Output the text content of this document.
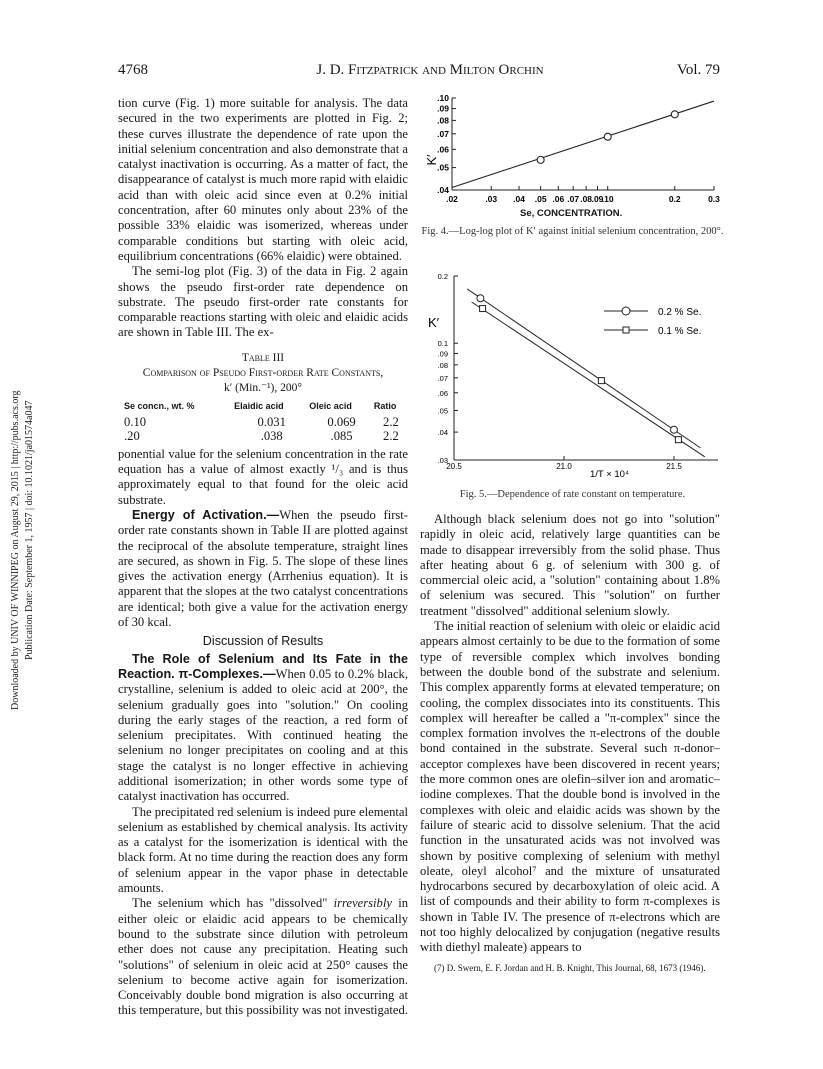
4768	J. D. Fitzpatrick and Milton Orchin	Vol. 79
Downloaded by UNIV OF WINNIPEG on August 29, 2015 | http://pubs.acs.org Publication Date: September 1, 1957 | doi: 10.1021/ja01574a047

tion curve (Fig. 1) more suitable for analysis. The data secured in the two experiments are plotted in Fig. 2; these curves illustrate the dependence of rate upon the initial selenium concentration and also demonstrate that a catalyst inactivation is occurring. As a matter of fact, the disappearance of catalyst is much more rapid with elaidic acid than with oleic acid since even at 0.2% initial concentration, after 60 minutes only about 23% of the possible 33% elaidic was isomerized, whereas under comparable conditions but starting with oleic acid, equilibrium concentrations (66% elaidic) were obtained.

The semi-log plot (Fig. 3) of the data in Fig. 2 again shows the pseudo first-order rate dependence on substrate. The pseudo first-order rate constants for comparable reactions starting with oleic and elaidic acids are shown in Table III. The ex-

Table III
Comparison of Pseudo First-order Rate Constants,
k′ (Min.⁻¹), 200°
Se concn., wt. %	Elaidic acid	Oleic acid	Ratio
0.10	0.031	0.069	2.2
.20	.038	.085	2.2

ponential value for the selenium concentration in the rate equation has a value of almost exactly ¹/₃ and is thus approximately equal to that found for the oleic acid substrate.

Energy of Activation.—When the pseudo first-order rate constants shown in Table II are plotted against the reciprocal of the absolute temperature, straight lines are secured, as shown in Fig. 5. The slope of these lines gives the activation energy (Arrhenius equation). It is apparent that the slopes at the two catalyst concentrations are identical; both give a value for the activation energy of 30 kcal.

Discussion of Results

The Role of Selenium and Its Fate in the Reaction. π-Complexes.—When 0.05 to 0.2% black, crystalline, selenium is added to oleic acid at 200°, the selenium gradually goes into "solution." On cooling during the early stages of the reaction, a red form of selenium precipitates. With continued heating the selenium no longer precipitates on cooling and at this stage the catalyst is no longer effective in achieving additional isomerization; in other words some type of catalyst inactivation has occurred.

The precipitated red selenium is indeed pure elemental selenium as established by chemical analysis. Its activity as a catalyst for the isomerization is identical with the black form. At no time during the reaction does any form of selenium appear in the vapor phase in detectable amounts.

The selenium which has "dissolved" irreversibly in either oleic or elaidic acid appears to be chemically bound to the substrate since dilution with petroleum ether does not cause any precipitation. Heating such "solutions" of selenium in oleic acid at 250° causes the selenium to become active again for isomerization. Conceivably double bond migration is also occurring at this temperature, but this possibility was not investigated.

.02	.03 .04 .05 .06 .07 .08 .09
.10	0.2	0.3
.04
.05
.06
.07
.08
.09
.10
K′
Se, CONCENTRATION.
Fig. 4.—Log-log plot of K′ against initial selenium concentration, 200°.
20.5	21.0	21.5
.03
.04
.05
.06
.07
.08
.09
0.1
0.2
K′
1/T × 10⁴
0.2 % Se.
0.1 % Se.
Fig. 5.—Dependence of rate constant on temperature.

Although black selenium does not go into "solution" rapidly in oleic acid, relatively large quantities can be made to disappear irreversibly from the solid phase. Thus after heating about 6 g. of selenium with 300 g. of commercial oleic acid, a "solution" containing about 1.8% of selenium was secured. This "solution" on further treatment "dissolved" additional selenium slowly.

The initial reaction of selenium with oleic or elaidic acid appears almost certainly to be due to the formation of some type of reversible complex which involves bonding between the double bond of the substrate and selenium. This complex apparently forms at elevated temperature; on cooling, the complex dissociates into its constituents. This complex will hereafter be called a "π-complex" since the complex formation involves the π-electrons of the double bond contained in the substrate. Several such π-donor–acceptor complexes have been discovered in recent years; the more common ones are olefin–silver ion and aromatic–iodine complexes. That the double bond is involved in the complexes with oleic and elaidic acids was shown by the failure of stearic acid to dissolve selenium. That the acid function in the unsaturated acids was not involved was shown by positive complexing of selenium with methyl oleate, oleyl alcohol⁷ and the mixture of unsaturated hydrocarbons secured by decarboxylation of oleic acid. A list of compounds and their ability to form π-complexes is shown in Table IV. The presence of π-electrons which are not too highly delocalized by conjugation (negative results with diethyl maleate) appears to

(7) D. Swern, E. F. Jordan and H. B. Knight, This Journal, 68, 1673 (1946).
